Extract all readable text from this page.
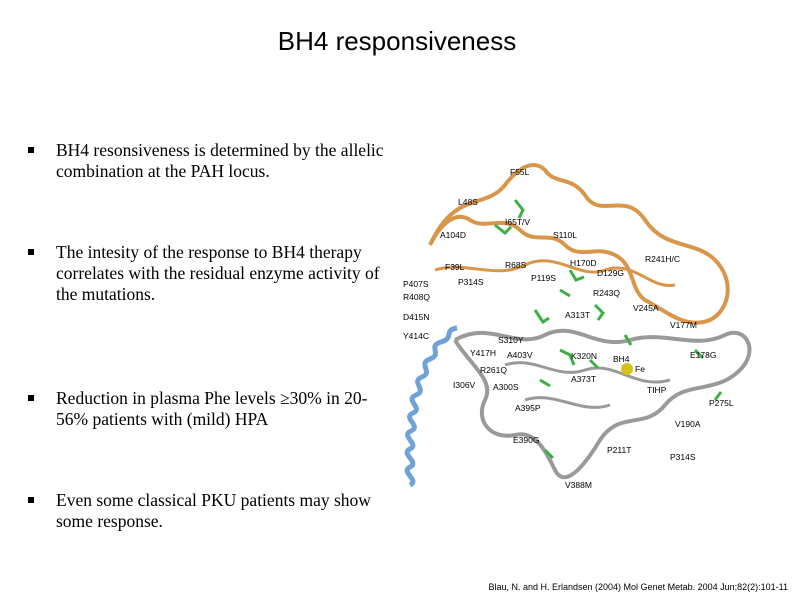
BH4 responsiveness
BH4 resonsiveness is determined by the allelic combination at the PAH locus.
The intesity of the response to BH4 therapy correlates with the residual enzyme activity of the mutations.
Reduction in plasma Phe levels ≥30% in 20-56% patients with (mild) HPA
Even some classical PKU patients may show some response.
F55L
L48S
I65T/V
A104D	S110L
R241H/C
R68S	H170D
F39L
P119S	D129G
P407S	P314S
R243Q
R408Q
V245A
D415N	A313T
V177M
Y414C	S310Y
Y417H A403V	K320N	E178G
R261Q
A373T
I306V A300S
P275L
A395P
V190A
E390G
P211T
P314S
V388M
BH4
Fe
TIHP
Blau, N. and H. Erlandsen (2004) Mol Genet Metab. 2004 Jun;82(2):101-11
